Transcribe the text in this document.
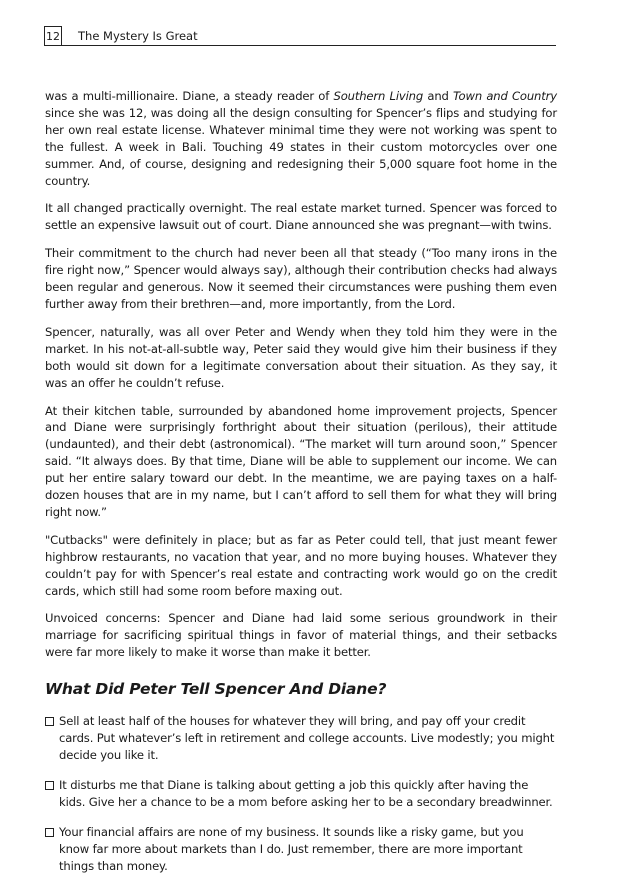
12 The Mystery Is Great

was a multi-millionaire. Diane, a steady reader of Southern Living and Town and Country since she was 12, was doing all the design consulting for Spencer’s flips and studying for her own real estate license. Whatever minimal time they were not working was spent to the fullest. A week in Bali. Touching 49 states in their custom motorcycles over one summer. And, of course, designing and redesigning their 5,000 square foot home in the country.

It all changed practically overnight. The real estate market turned. Spencer was forced to settle an expensive lawsuit out of court. Diane announced she was pregnant—with twins.

Their commitment to the church had never been all that steady (“Too many irons in the fire right now,” Spencer would always say), although their contribution checks had always been regular and generous. Now it seemed their circumstances were pushing them even further away from their brethren—and, more importantly, from the Lord.

Spencer, naturally, was all over Peter and Wendy when they told him they were in the market. In his not-at-all-subtle way, Peter said they would give him their business if they both would sit down for a legitimate conversation about their situation. As they say, it was an offer he couldn’t refuse.

At their kitchen table, surrounded by abandoned home improvement projects, Spencer and Diane were surprisingly forthright about their situation (perilous), their attitude (undaunted), and their debt (astronomical). “The market will turn around soon,” Spencer said. “It always does. By that time, Diane will be able to supplement our income. We can put her entire salary toward our debt. In the meantime, we are paying taxes on a half-dozen houses that are in my name, but I can’t afford to sell them for what they will bring right now.”

"Cutbacks" were definitely in place; but as far as Peter could tell, that just meant fewer highbrow restaurants, no vacation that year, and no more buying houses. Whatever they couldn’t pay for with Spencer’s real estate and contracting work would go on the credit cards, which still had some room before maxing out.

Unvoiced concerns: Spencer and Diane had laid some serious groundwork in their marriage for sacrificing spiritual things in favor of material things, and their setbacks were far more likely to make it worse than make it better.

What Did Peter Tell Spencer And Diane?
Sell at least half of the houses for whatever they will bring, and pay off your credit cards. Put whatever’s left in retirement and college accounts. Live modestly; you might decide you like it.
It disturbs me that Diane is talking about getting a job this quickly after having the kids. Give her a chance to be a mom before asking her to be a secondary breadwinner.
Your financial affairs are none of my business. It sounds like a risky game, but you know far more about markets than I do. Just remember, there are more important things than money.
